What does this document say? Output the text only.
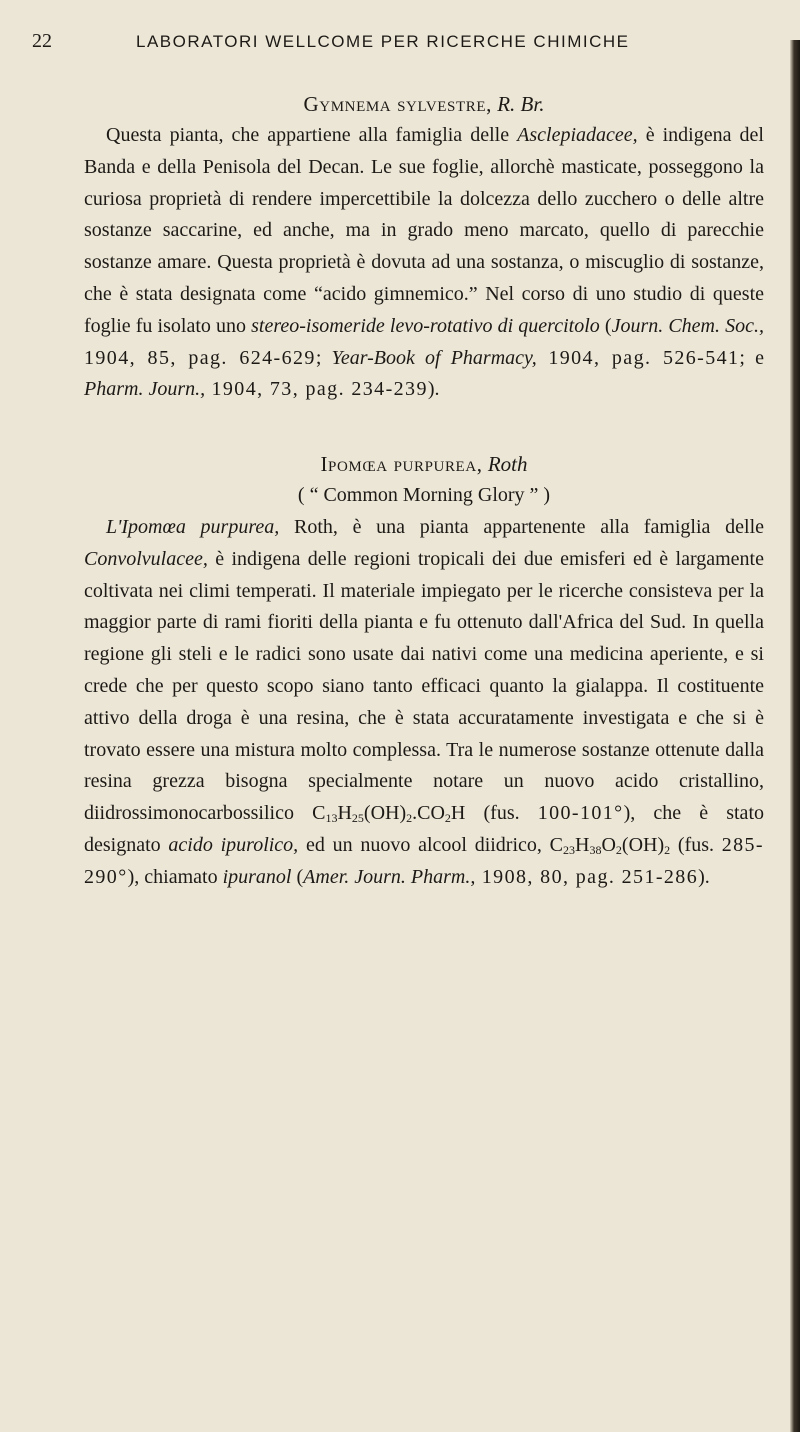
22	LABORATORI WELLCOME PER RICERCHE CHIMICHE
Gymnema sylvestre, R. Br.

Questa pianta, che appartiene alla famiglia delle Asclepiadacee, è indigena del Banda e della Penisola del Decan. Le sue foglie, allorchè masticate, posseggono la curiosa proprietà di rendere impercettibile la dolcezza dello zucchero o delle altre sostanze saccarine, ed anche, ma in grado meno marcato, quello di parecchie sostanze amare. Questa proprietà è dovuta ad una sostanza, o miscuglio di sostanze, che è stata designata come “acido gimnemico.” Nel corso di uno studio di queste foglie fu isolato uno stereo-isomeride levo-rotativo di quercitolo (Journ. Chem. Soc., 1904, 85, pag. 624-629; Year-Book of Pharmacy, 1904, pag. 526-541; e Pharm. Journ., 1904, 73, pag. 234-239).

Ipomœa purpurea, Roth
( “ Common Morning Glory ” )

L'Ipomœa purpurea, Roth, è una pianta appartenente alla famiglia delle Convolvulacee, è indigena delle regioni tropicali dei due emisferi ed è largamente coltivata nei climi temperati. Il materiale impiegato per le ricerche consisteva per la maggior parte di rami fioriti della pianta e fu ottenuto dall'Africa del Sud. In quella regione gli steli e le radici sono usate dai nativi come una medicina aperiente, e si crede che per questo scopo siano tanto efficaci quanto la gialappa. Il costituente attivo della droga è una resina, che è stata accuratamente investigata e che si è trovato essere una mistura molto complessa. Tra le numerose sostanze ottenute dalla resina grezza bisogna specialmente notare un nuovo acido cristallino, diidrossimonocarbossilico $C_{13}H_{25}(OH)_2.CO_2H$ (fus. 100-101°), che è stato designato acido ipurolico, ed un nuovo alcool diidrico, $C_{23}H_{38}O_2(OH)_2$ (fus. 285-290°), chiamato ipuranol (Amer. Journ. Pharm., 1908, 80, pag. 251-286).
